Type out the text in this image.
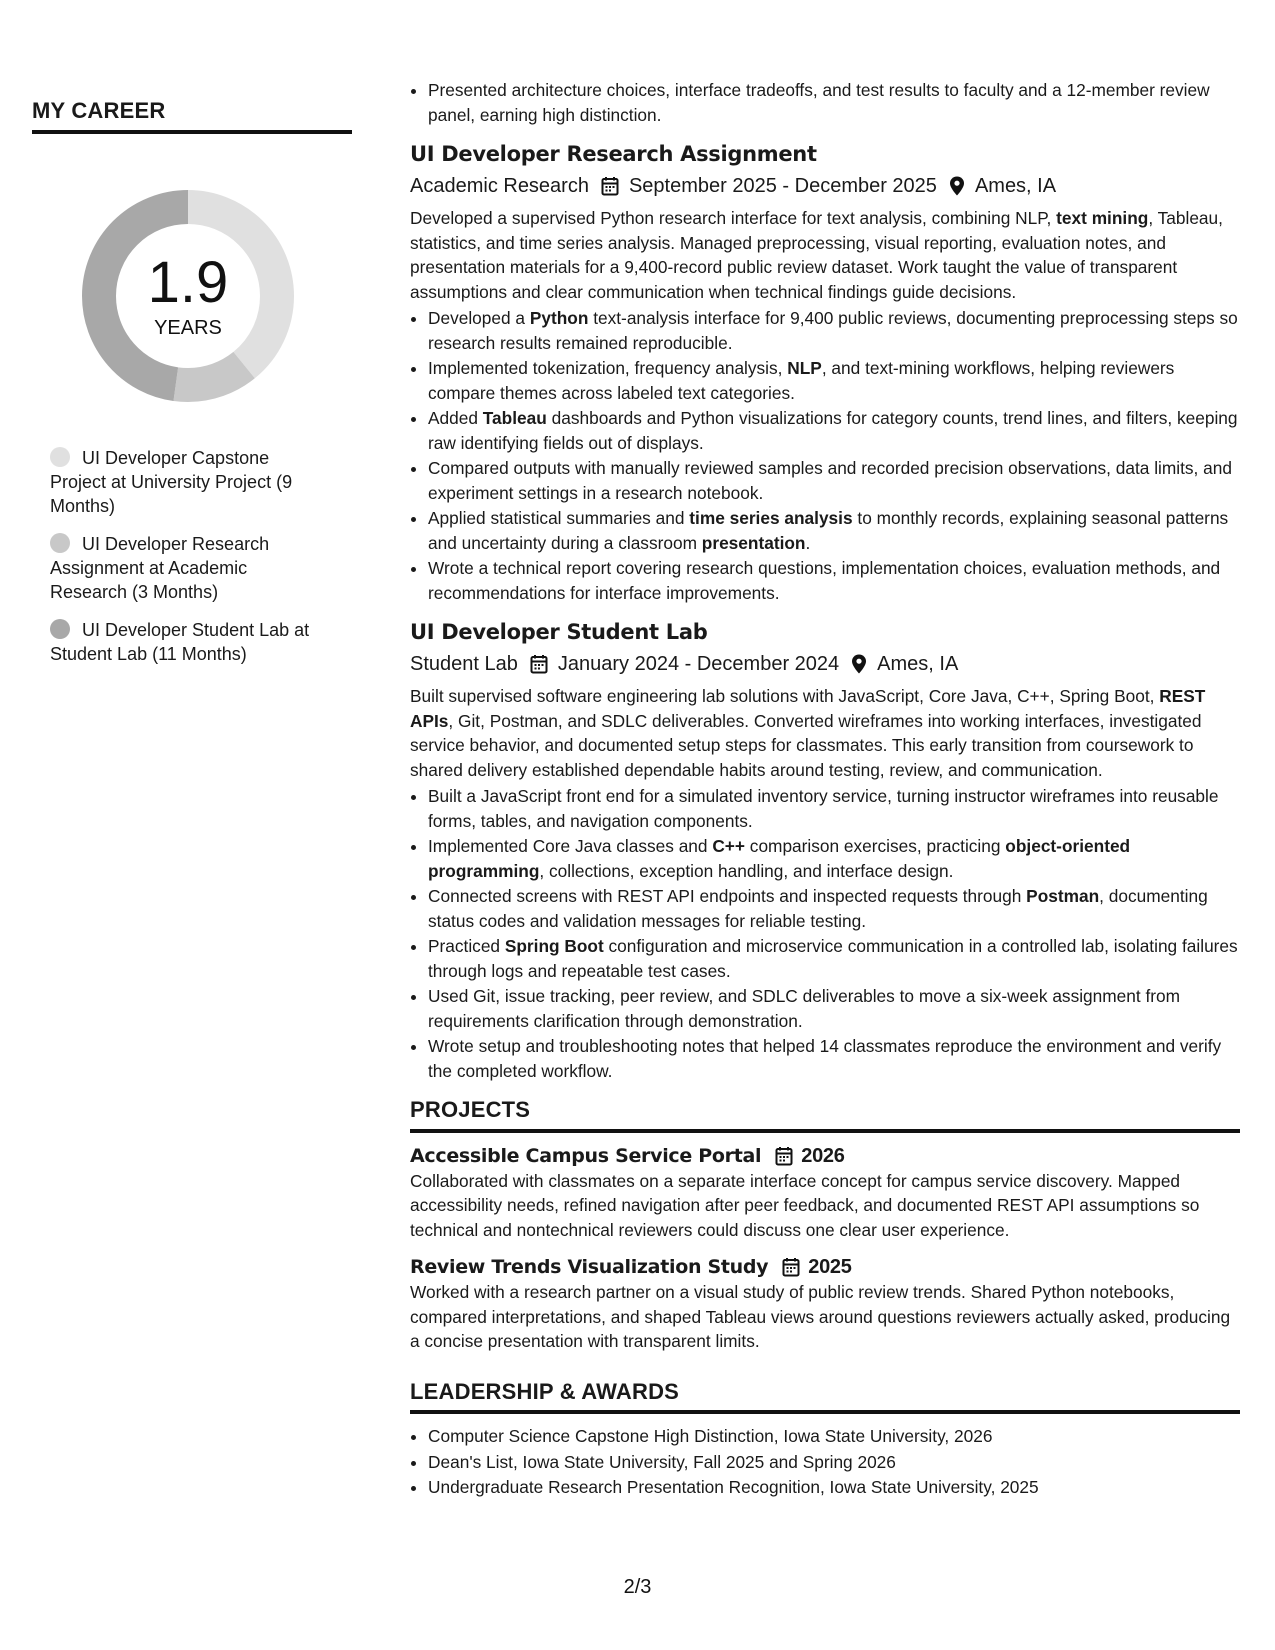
MY CAREER
1.9
YEARS
UI Developer Capstone Project at University Project (9 Months)
UI Developer Research Assignment at Academic Research (3 Months)
UI Developer Student Lab at Student Lab (11 Months)
• Presented architecture choices, interface tradeoffs, and test results to faculty and a 12-member review panel, earning high distinction.
UI Developer Research Assignment
Academic Research September 2025 - December 2025 Ames, IA

Developed a supervised Python research interface for text analysis, combining NLP, text mining, Tableau, statistics, and time series analysis. Managed preprocessing, visual reporting, evaluation notes, and presentation materials for a 9,400-record public review dataset. Work taught the value of transparent assumptions and clear communication when technical findings guide decisions.

• Developed a Python text-analysis interface for 9,400 public reviews, documenting preprocessing steps so research results remained reproducible.
• Implemented tokenization, frequency analysis, NLP, and text-mining workflows, helping reviewers compare themes across labeled text categories.
• Added Tableau dashboards and Python visualizations for category counts, trend lines, and filters, keeping raw identifying fields out of displays.
• Compared outputs with manually reviewed samples and recorded precision observations, data limits, and experiment settings in a research notebook.
• Applied statistical summaries and time series analysis to monthly records, explaining seasonal patterns and uncertainty during a classroom presentation.
• Wrote a technical report covering research questions, implementation choices, evaluation methods, and recommendations for interface improvements.
UI Developer Student Lab
Student Lab January 2024 - December 2024 Ames, IA

Built supervised software engineering lab solutions with JavaScript, Core Java, C++, Spring Boot, REST APIs, Git, Postman, and SDLC deliverables. Converted wireframes into working interfaces, investigated service behavior, and documented setup steps for classmates. This early transition from coursework to shared delivery established dependable habits around testing, review, and communication.

• Built a JavaScript front end for a simulated inventory service, turning instructor wireframes into reusable forms, tables, and navigation components.
• Implemented Core Java classes and C++ comparison exercises, practicing object-oriented programming, collections, exception handling, and interface design.
• Connected screens with REST API endpoints and inspected requests through Postman, documenting status codes and validation messages for reliable testing.
• Practiced Spring Boot configuration and microservice communication in a controlled lab, isolating failures through logs and repeatable test cases.
• Used Git, issue tracking, peer review, and SDLC deliverables to move a six-week assignment from requirements clarification through demonstration.
• Wrote setup and troubleshooting notes that helped 14 classmates reproduce the environment and verify the completed workflow.
PROJECTS
Accessible Campus Service Portal 2026

Collaborated with classmates on a separate interface concept for campus service discovery. Mapped accessibility needs, refined navigation after peer feedback, and documented REST API assumptions so technical and nontechnical reviewers could discuss one clear user experience.

Review Trends Visualization Study 2025

Worked with a research partner on a visual study of public review trends. Shared Python notebooks, compared interpretations, and shaped Tableau views around questions reviewers actually asked, producing a concise presentation with transparent limits.

LEADERSHIP & AWARDS
• Computer Science Capstone High Distinction, Iowa State University, 2026
• Dean's List, Iowa State University, Fall 2025 and Spring 2026
• Undergraduate Research Presentation Recognition, Iowa State University, 2025
2/3
